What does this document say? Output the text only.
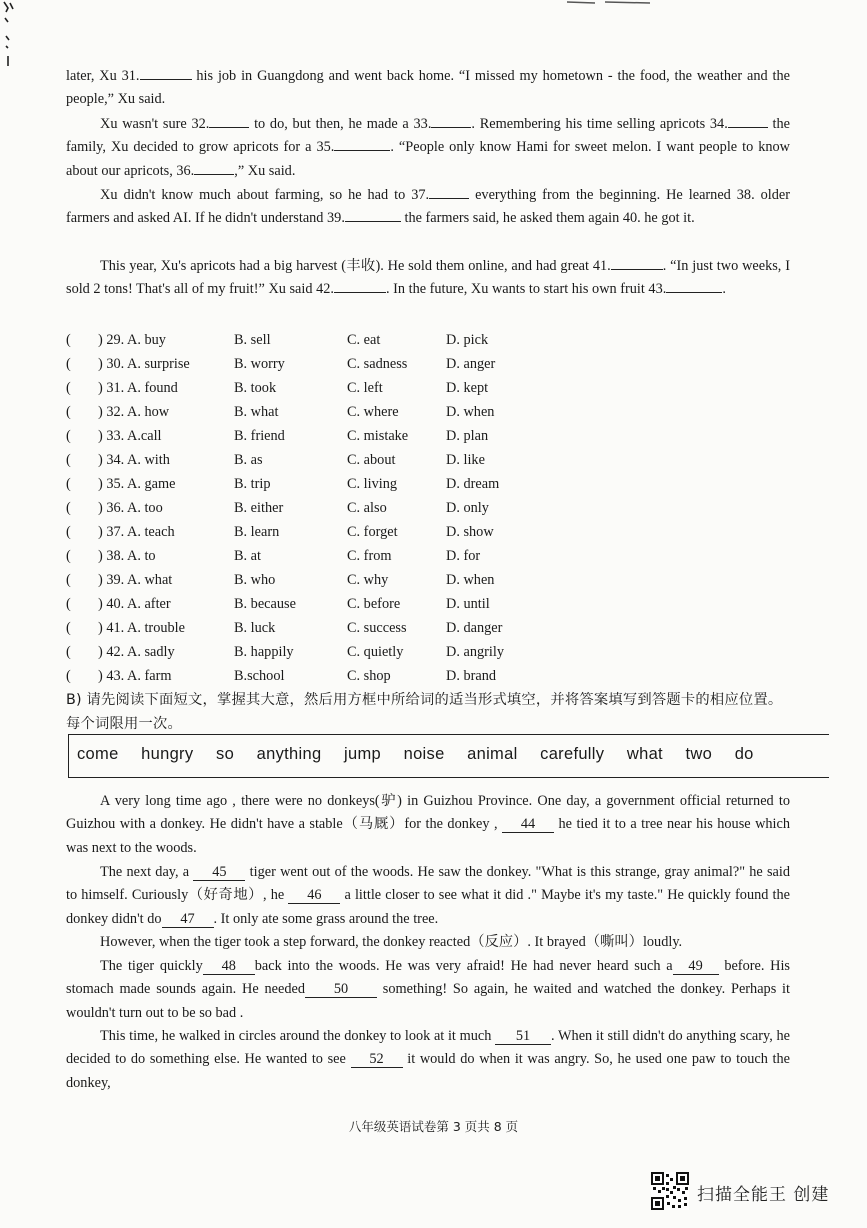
later, Xu 31.	his job in Guangdong and went back home. “I missed my hometown - the food, the weather and the people,” Xu said.
Xu wasn't sure 32.	to do, but then, he made a 33.	. Remembering his time selling apricots 34.	the family, Xu decided to grow apricots for a 35.	. “People only know Hami for sweet melon. I want people to know about our apricots, 36.	,” Xu said.
Xu didn't know much about farming, so he had to 37.	everything from the beginning. He learned 38. older farmers and asked AI. If he didn't understand 39.	the farmers said, he asked them again 40. he got it.
This year, Xu's apricots had a big harvest (丰收). He sold them online, and had great 41.	. “In just two weeks, I sold 2 tons! That's all of my fruit!” Xu said 42.	. In the future, Xu wants to start his own fruit 43.	.
( ) 29. A. buy	B. sell	C. eat	D. pick
( ) 30. A. surprise	B. worry	C. sadness	D. anger
( ) 31. A. found	B. took	C. left	D. kept
( ) 32. A. how	B. what	C. where	D. when
( ) 33. A.call	B. friend	C. mistake	D. plan
( ) 34. A. with	B. as	C. about	D. like
( ) 35. A. game	B. trip	C. living	D. dream
( ) 36. A. too	B. either	C. also	D. only
( ) 37. A. teach	B. learn	C. forget	D. show
( ) 38. A. to	B. at	C. from	D. for
( ) 39. A. what	B. who	C. why	D. when
( ) 40. A. after	B. because	C. before	D. until
( ) 41. A. trouble	B. luck	C. success	D. danger
( ) 42. A. sadly	B. happily	C. quietly	D. angrily
( ) 43. A. farm	B.school	C. shop	D. brand
B) 请先阅读下面短文，掌握其大意，然后用方框中所给词的适当形式填空，并将答案填写到答题卡的相应位置。每个词限用一次。
come hungry so anything jump noise animal carefully what two do
A very long time ago , there were no donkeys(驴) in Guizhou Province. One day, a government official returned to Guizhou with a donkey. He didn't have a stable（马厩）for the donkey , 44 he tied it to a tree near his house which was next to the woods.
The next day, a 45 tiger went out of the woods. He saw the donkey. "What is this strange, gray animal?" he said to himself. Curiously（好奇地）, he 46 a little closer to see what it did ." Maybe it's my taste." He quickly found the donkey didn't do 47 . It only ate some grass around the tree.
However, when the tiger took a step forward, the donkey reacted（反应）. It brayed（嘶叫）loudly.
The tiger quickly 48 back into the woods. He was very afraid! He had never heard such a 49 before. His stomach made sounds again. He needed 50 something! So again, he waited and watched the donkey. Perhaps it wouldn't turn out to be so bad .
This time, he walked in circles around the donkey to look at it much 51 . When it still didn't do anything scary, he decided to do something else. He wanted to see 52 it would do when it was angry. So, he used one paw to touch the donkey,
八年级英语试卷第 3 页共 8 页
扫描全能王 创建
